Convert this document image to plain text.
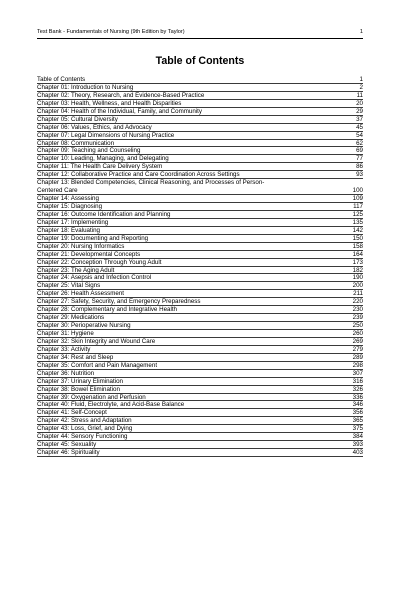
Test Bank - Fundamentals of Nursing (9th Edition by Taylor)	1
Table of Contents
Table of Contents	1
Chapter 01: Introduction to Nursing	2
Chapter 02: Theory, Research, and Evidence-Based Practice	11
Chapter 03: Health, Wellness, and Health Disparities	20
Chapter 04: Health of the Individual, Family, and Community	29
Chapter 05: Cultural Diversity	37
Chapter 06: Values, Ethics, and Advocacy	45
Chapter 07: Legal Dimensions of Nursing Practice	54
Chapter 08: Communication	62
Chapter 09: Teaching and Counseling	69
Chapter 10: Leading, Managing, and Delegating	77
Chapter 11: The Health Care Delivery System	86
Chapter 12: Collaborative Practice and Care Coordination Across Settings	93
Chapter 13: Blended Competencies, Clinical Reasoning, and Processes of Person-
Centered Care	100
Chapter 14: Assessing	109
Chapter 15: Diagnosing	117
Chapter 16: Outcome Identification and Planning	125
Chapter 17: Implementing	135
Chapter 18: Evaluating	142
Chapter 19: Documenting and Reporting	150
Chapter 20: Nursing Informatics	158
Chapter 21: Developmental Concepts	164
Chapter 22: Conception Through Young Adult	173
Chapter 23: The Aging Adult	182
Chapter 24: Asepsis and Infection Control	190
Chapter 25: Vital Signs	200
Chapter 26: Health Assessment	211
Chapter 27: Safety, Security, and Emergency Preparedness	220
Chapter 28: Complementary and Integrative Health	230
Chapter 29: Medications	239
Chapter 30: Perioperative Nursing	250
Chapter 31: Hygiene	260
Chapter 32: Skin Integrity and Wound Care	269
Chapter 33: Activity	279
Chapter 34: Rest and Sleep	289
Chapter 35: Comfort and Pain Management	298
Chapter 36: Nutrition	307
Chapter 37: Urinary Elimination	316
Chapter 38: Bowel Elimination	326
Chapter 39: Oxygenation and Perfusion	336
Chapter 40: Fluid, Electrolyte, and Acid-Base Balance	346
Chapter 41: Self-Concept	356
Chapter 42: Stress and Adaptation	365
Chapter 43: Loss, Grief, and Dying	375
Chapter 44: Sensory Functioning	384
Chapter 45: Sexuality	393
Chapter 46: Spirituality	403
